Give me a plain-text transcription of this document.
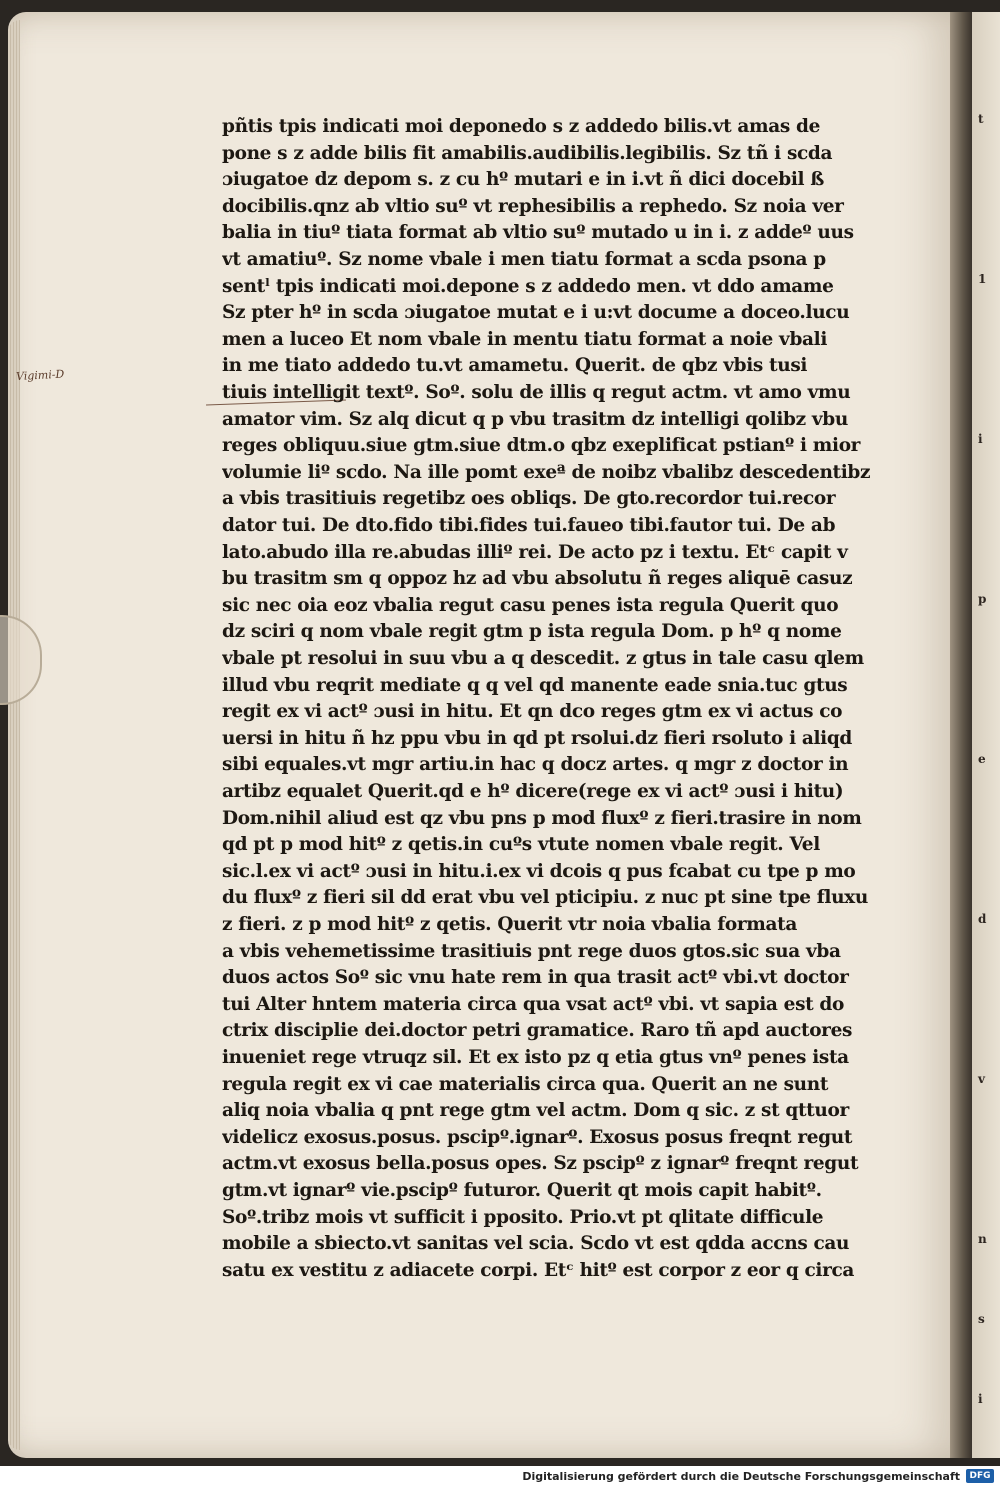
t
1
i
p
e
d
v
n
s
i
Vigimi-D
pñtis tpis indicati moi deponedo s z addedo bilis.vt amas de
pone s z adde bilis fit amabilis.audibilis.legibilis. Sz tñ i scda
ɔiugatoe dz depom s. z cu hº mutari e in i.vt ñ dici docebil ß
docibilis.qnz ab vltio suº vt rephesibilis a rephedo. Sz noia ver
balia in tiuº tiata format ab vltio suº mutado u in i. z addeº uus
vt amatiuº. Sz nome vbale i men tiatu format a scda psona p
sentˡ tpis indicati moi.depone s z addedo men. vt ddo amame
Sz pter hº in scda ɔiugatoe mutat e i u:vt docume a doceo.lucu
men a luceo Et nom vbale in mentu tiatu format a noie vbali
in me tiato addedo tu.vt amametu. Querit. de qbz vbis tusi
tiuis intelligit textº. Soº. solu de illis q regut actm. vt amo vmu
amator vim. Sz alq dicut q p vbu trasitm dz intelligi qolibz vbu
reges obliquu.siue gtm.siue dtm.o qbz exeplificat pstianº i mior
volumie liº scdo. Na ille pomt exeª de noibz vbalibz descedentibz
a vbis trasitiuis regetibz oes obliqs. De gto.recordor tui.recor
dator tui. De dto.fido tibi.fides tui.faueo tibi.fautor tui. De ab
lato.abudo illa re.abudas illiº rei. De acto pz i textu. Etᶜ capit v
bu trasitm sm q oppoz hz ad vbu absolutu ñ reges aliquē casuz
sic nec oia eoz vbalia regut casu penes ista regula Querit quo
dz sciri q nom vbale regit gtm p ista regula Dom. p hº q nome
vbale pt resolui in suu vbu a q descedit. z gtus in tale casu qlem
illud vbu reqrit mediate q q vel qd manente eade snia.tuc gtus
regit ex vi actº ɔusi in hitu. Et qn dco reges gtm ex vi actus co
uersi in hitu ñ hz ppu vbu in qd pt rsolui.dz fieri rsoluto i aliqd
sibi equales.vt mgr artiu.in hac q docz artes. q mgr z doctor in
artibz equalet Querit.qd e hº dicere(rege ex vi actº ɔusi i hitu)
Dom.nihil aliud est qz vbu pns p mod fluxº z fieri.trasire in nom
qd pt p mod hitº z qetis.in cuºs vtute nomen vbale regit. Vel
sic.l.ex vi actº ɔusi in hitu.i.ex vi dcois q pus fcabat cu tpe p mo
du fluxº z fieri sil dd erat vbu vel pticipiu. z nuc pt sine tpe fluxu
z fieri. z p mod hitº z qetis. Querit vtr noia vbalia formata
a vbis vehemetissime trasitiuis pnt rege duos gtos.sic sua vba
duos actos Soº sic vnu hate rem in qua trasit actº vbi.vt doctor
tui Alter hntem materia circa qua vsat actº vbi. vt sapia est do
ctrix disciplie dei.doctor petri gramatice. Raro tñ apd auctores
inueniet rege vtruqz sil. Et ex isto pz q etia gtus vnº penes ista
regula regit ex vi cae materialis circa qua. Querit an ne sunt
aliq noia vbalia q pnt rege gtm vel actm. Dom q sic. z st qttuor
videlicz exosus.posus. pscipº.ignarº. Exosus posus freqnt regut
actm.vt exosus bella.posus opes. Sz pscipº z ignarº freqnt regut
gtm.vt ignarº vie.pscipº futuror. Querit qt mois capit habitº.
Soº.tribz mois vt sufficit i pposito. Prio.vt pt qlitate difficule
mobile a sbiecto.vt sanitas vel scia. Scdo vt est qdda accns cau
satu ex vestitu z adiacete corpi. Etᶜ hitº est corpor z eor q circa
Digitalisierung gefördert durch die Deutsche Forschungsgemeinschaft	DFG
